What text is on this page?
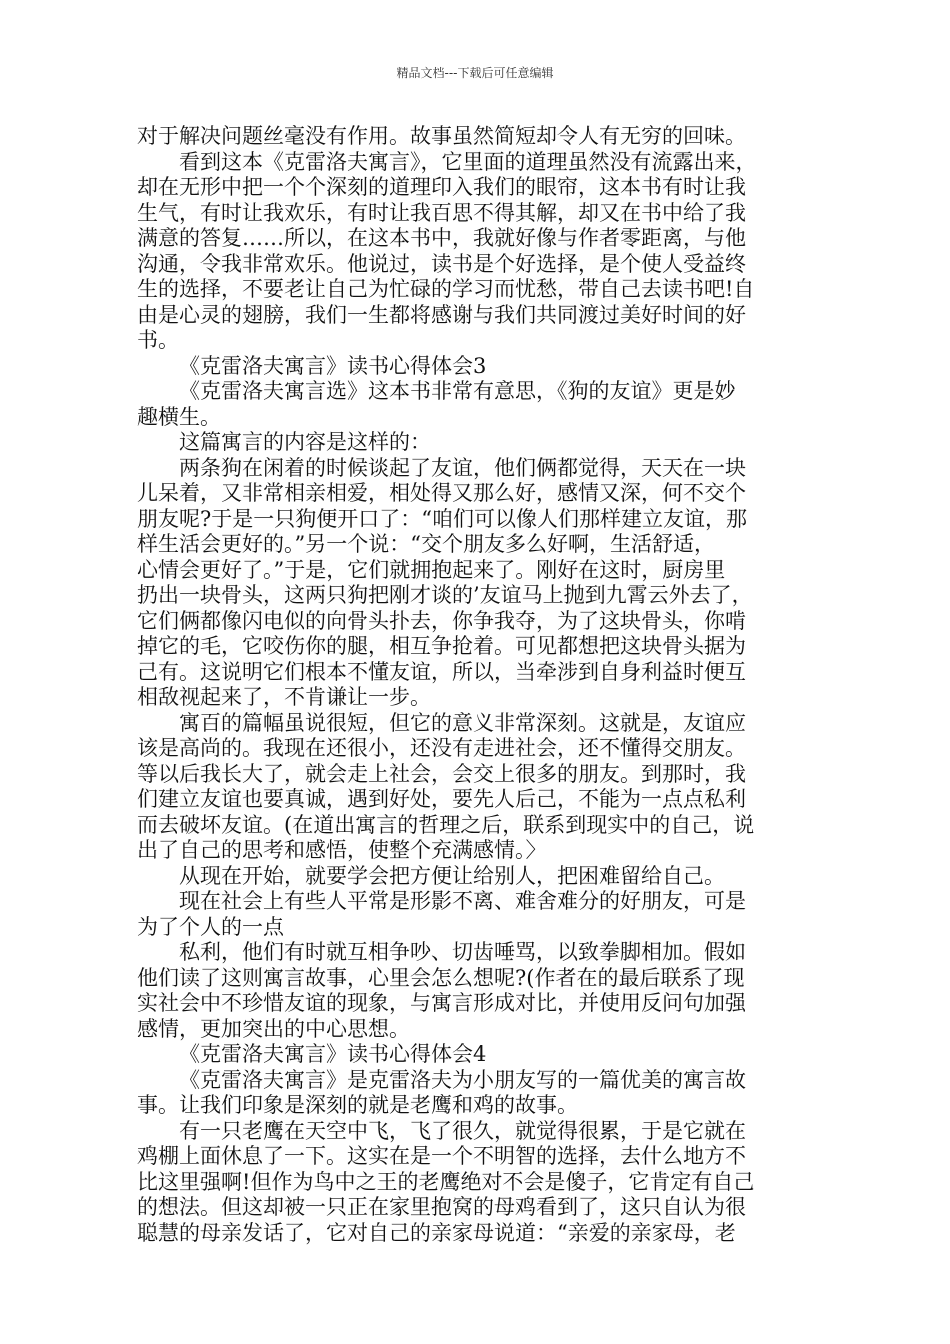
精品文档---下载后可任意编辑
对于解决问题丝毫没有作用。故事虽然简短却令人有无穷的回味。
看到这本《克雷洛夫寓言》，它里面的道理虽然没有流露出来，
却在无形中把一个个深刻的道理印入我们的眼帘，这本书有时让我
生气，有时让我欢乐，有时让我百思不得其解，却又在书中给了我
满意的答复……所以，在这本书中，我就好像与作者零距离，与他
沟通，令我非常欢乐。他说过，读书是个好选择，是个使人受益终
生的选择，不要老让自己为忙碌的学习而忧愁，带自己去读书吧!自
由是心灵的翅膀，我们一生都将感谢与我们共同渡过美好时间的好
书。
《克雷洛夫寓言》读书心得体会3
《克雷洛夫寓言选》这本书非常有意思，《狗的友谊》更是妙
趣横生。
这篇寓言的内容是这样的：
两条狗在闲着的时候谈起了友谊，他们俩都觉得，天天在一块
儿呆着，又非常相亲相爱，相处得又那么好，感情又深，何不交个
朋友呢?于是一只狗便开口了：“咱们可以像人们那样建立友谊，那
样生活会更好的。”另一个说：“交个朋友多么好啊，生活舒适，
心情会更好了。”于是，它们就拥抱起来了。刚好在这时，厨房里
扔出一块骨头，这两只狗把刚才谈的’友谊马上抛到九霄云外去了，
它们俩都像闪电似的向骨头扑去，你争我夺，为了这块骨头，你啃
掉它的毛，它咬伤你的腿，相互争抢着。可见都想把这块骨头据为
己有。这说明它们根本不懂友谊，所以，当牵涉到自身利益时便互
相敌视起来了，不肯谦让一步。
寓百的篇幅虽说很短，但它的意义非常深刻。这就是，友谊应
该是高尚的。我现在还很小，还没有走进社会，还不懂得交朋友。
等以后我长大了，就会走上社会，会交上很多的朋友。到那时，我
们建立友谊也要真诚，遇到好处，要先人后己，不能为一点点私利
而去破坏友谊。(在道出寓言的哲理之后，联系到现实中的自己，说
出了自己的思考和感悟，使整个充满感情。〉
从现在开始，就要学会把方便让给别人，把困难留给自己。
现在社会上有些人平常是形影不离、难舍难分的好朋友，可是
为了个人的一点
私利，他们有时就互相争吵、切齿唾骂，以致拳脚相加。假如
他们读了这则寓言故事，心里会怎么想呢?(作者在的最后联系了现
实社会中不珍惜友谊的现象，与寓言形成对比，并使用反问句加强
感情，更加突出的中心思想。
《克雷洛夫寓言》读书心得体会4
《克雷洛夫寓言》是克雷洛夫为小朋友写的一篇优美的寓言故
事。让我们印象是深刻的就是老鹰和鸡的故事。
有一只老鹰在天空中飞，飞了很久，就觉得很累，于是它就在
鸡棚上面休息了一下。这实在是一个不明智的选择，去什么地方不
比这里强啊!但作为鸟中之王的老鹰绝对不会是傻子，它肯定有自己
的想法。但这却被一只正在家里抱窝的母鸡看到了，这只自认为很
聪慧的母亲发话了，它对自己的亲家母说道：“亲爱的亲家母，老
